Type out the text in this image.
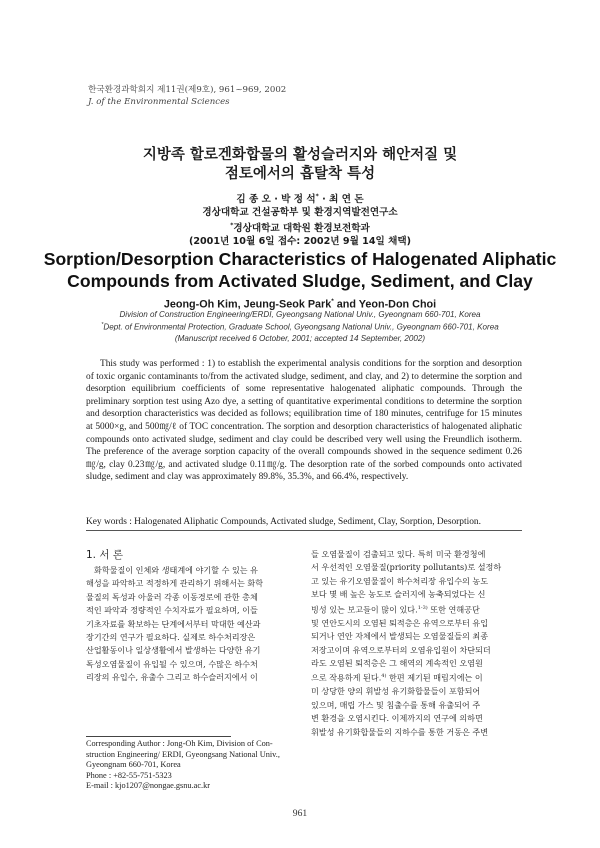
한국환경과학회지 제11권(제9호), 961~969, 2002
J. of the Environmental Sciences
지방족 할로겐화합물의 활성슬러지와 해안저질 및
점토에서의 흡탈착 특성
김 종 오 · 박 정 석* · 최 연 돈
경상대학교 건설공학부 및 환경지역발전연구소
*경상대학교 대학원 환경보전학과
(2001년 10월 6일 접수: 2002년 9월 14일 채택)
Sorption/Desorption Characteristics of Halogenated Aliphatic
Compounds from Activated Sludge, Sediment, and Clay
Jeong-Oh Kim, Jeung-Seok Park* and Yeon-Don Choi
Division of Construction Engineering/ERDI, Gyeongsang National Univ., Gyeongnam 660-701, Korea
*Dept. of Environmental Protection, Graduate School, Gyeongsang National Univ., Gyeongnam 660-701, Korea
(Manuscript received 6 October, 2001; accepted 14 September, 2002)
This study was performed : 1) to establish the experimental analysis conditions for the sorption and desorption of toxic organic contaminants to/from the activated sludge, sediment, and clay, and 2) to determine the sorption and desorption equilibrium coefficients of some representative halogenated aliphatic compounds. Through the preliminary sorption test using Azo dye, a setting of quantitative experimental conditions to determine the sorption and desorption characteristics was decided as follows; equilibration time of 180 minutes, centrifuge for 15 minutes at 5000×g, and 500㎎/ℓ of TOC concentration. The sorption and desorption characteristics of halogenated aliphatic compounds onto activated sludge, sediment and clay could be described very well using the Freundlich isotherm. The preference of the average sorption capacity of the overall compounds showed in the sequence sediment 0.26㎎/g, clay 0.23㎎/g, and activated sludge 0.11㎎/g. The desorption rate of the sorbed compounds onto activated sludge, sediment and clay was approximately 89.8%, 35.3%, and 66.4%, respectively.
Key words : Halogenated Aliphatic Compounds, Activated sludge, Sediment, Clay, Sorption, Desorption.
1. 서 론
화학물질이 인체와 생태계에 야기할 수 있는 유
해성을 파악하고 적정하게 관리하기 위해서는 화학
물질의 독성과 아울러 각종 이동경로에 관한 총체
적인 파악과 정량적인 수치자료가 필요하며, 이들
기초자료를 확보하는 단계에서부터 막대한 예산과
장기간의 연구가 필요하다. 실제로 하수처리장은
산업활동이나 일상생활에서 발생하는 다양한 유기
독성오염물질이 유입될 수 있으며, 수많은 하수처
리장의 유입수, 유출수 그리고 하수슬러지에서 이
Corresponding Author : Jong-Oh Kim, Division of Con-
struction Engineering/ ERDI, Gyeongsang National Univ.,
Gyeongnam 660-701, Korea
Phone : +82-55-751-5323
E-mail : kjo1207@nongae.gsnu.ac.kr
들 오염물질이 검출되고 있다. 특히 미국 환경청에
서 우선적인 오염물질(priority pollutants)로 설정하
고 있는 유기오염물질이 하수처리장 유입수의 농도
보다 몇 배 높은 농도로 슬러지에 농축되었다는 신
빙성 있는 보고들이 많이 있다.$^{1-3)}$ 또한 연해공단
및 연안도시의 오염된 퇴적층은 유역으로부터 유입
되거나 연안 자체에서 발생되는 오염물질들의 최종
저장고이며 유역으로부터의 오염유입원이 차단되더
라도 오염된 퇴적층은 그 해역의 계속적인 오염원
으로 작용하게 된다.$^{4)}$ 한편 제기된 매립지에는 이
미 상당한 양의 휘발성 유기화합물들이 포함되어
있으며, 매립 가스 및 침출수를 통해 유출되어 주
변 환경을 오염시킨다. 이제까지의 연구에 의하면
휘발성 유기화합물들의 지하수를 통한 거동은 주변
961
